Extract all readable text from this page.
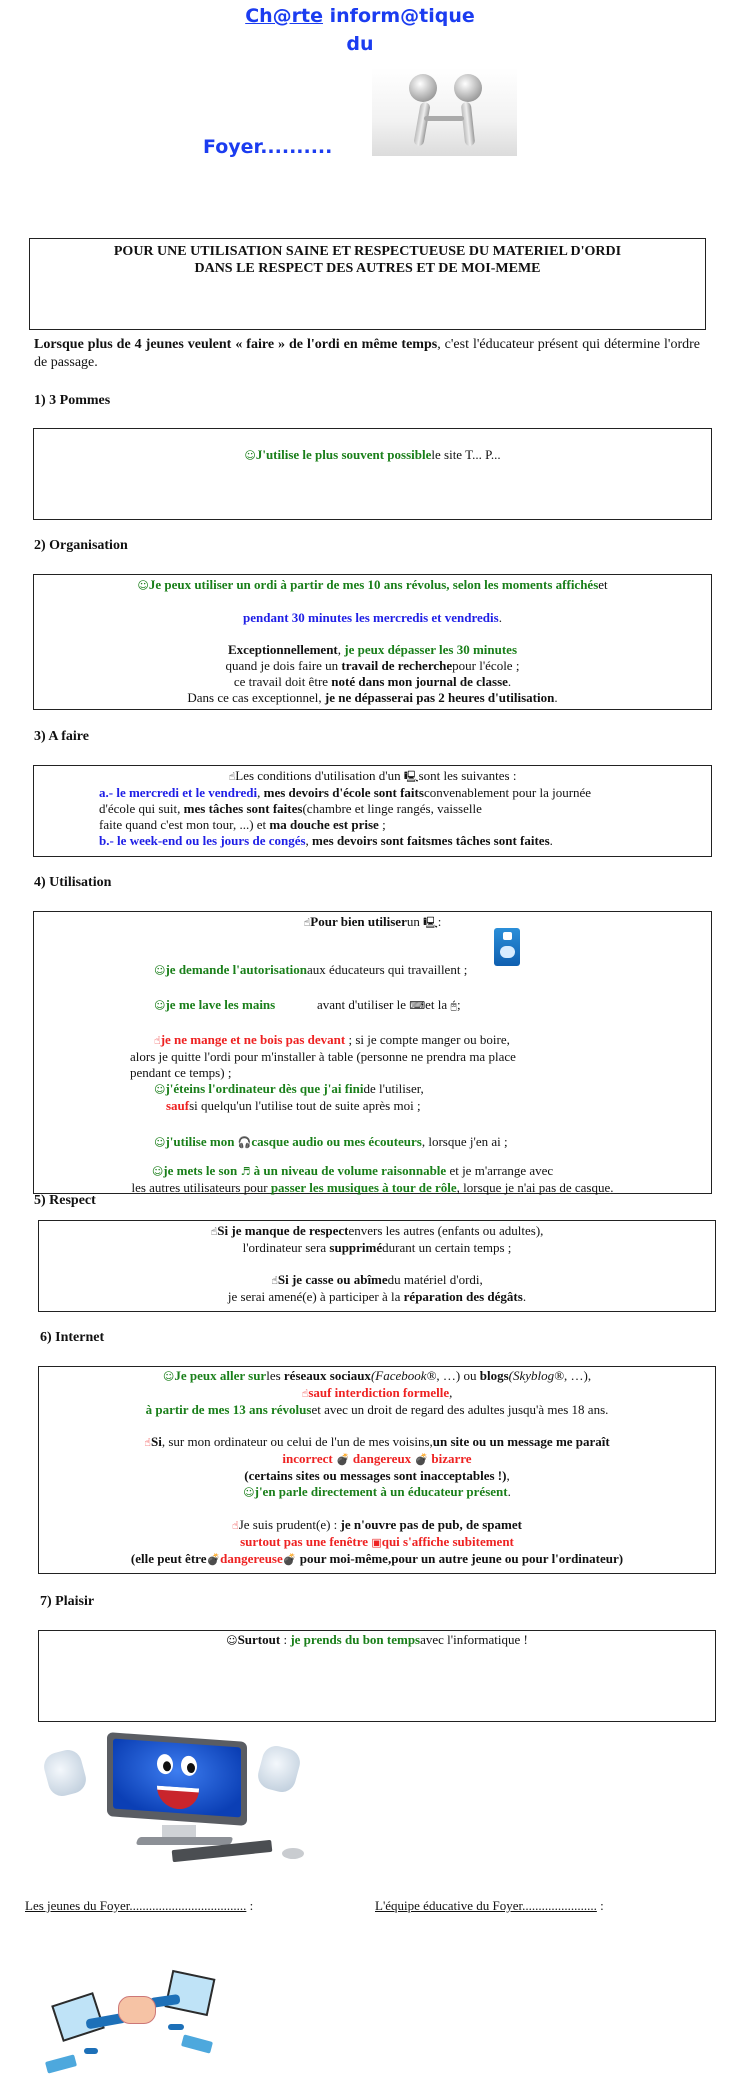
Ch@rte inform@tique
du
Foyer..........
POUR UNE UTILISATION SAINE ET RESPECTUEUSE DU MATERIEL D'ORDI
DANS LE RESPECT DES AUTRES ET DE MOI-MEME
Lorsque plus de 4 jeunes veulent « faire » de l'ordi en même temps, c'est l'éducateur présent qui détermine l'ordre de passage.
1) 3 Pommes
☺J'utilise le plus souvent possiblele site T... P...
2) Organisation
☺Je peux utiliser un ordi à partir de mes 10 ans révolus, selon les moments affichéset
pendant 30 minutes les mercredis et vendredis.
Exceptionnellement, je peux dépasser les 30 minutes
quand je dois faire un travail de recherchepour l'école ;
ce travail doit être noté dans mon journal de classe.
Dans ce cas exceptionnel, je ne dépasserai pas 2 heures d'utilisation.
3) A faire
☝Les conditions d'utilisation d'un 🖳sont les suivantes :
a.- le mercredi et le vendredi, mes devoirs d'école sont faitsconvenablement pour la journée
d'école qui suit, mes tâches sont faites(chambre et linge rangés, vaisselle
faite quand c'est mon tour, ...) et ma douche est prise ;
b.- le week-end ou les jours de congés, mes devoirs sont faitsmes tâches sont faites.
4) Utilisation
☝Pour bien utiliserun 🖳:
☺je demande l'autorisationaux éducateurs qui travaillent ;
☺je me lave les mains	avant d'utiliser le ⌨et la 🖰;
☝je ne mange et ne bois pas devant ; si je compte manger ou boire,
alors je quitte l'ordi pour m'installer à table (personne ne prendra ma place
pendant ce temps) ;
☺j'éteins l'ordinateur dès que j'ai finide l'utiliser,
saufsi quelqu'un l'utilise tout de suite après moi ;
☺j'utilise mon 🎧casque audio ou mes écouteurs, lorsque j'en ai ;
☺je mets le son ♬ à un niveau de volume raisonnable et je m'arrange avec
les autres utilisateurs pour passer les musiques à tour de rôle, lorsque je n'ai pas de casque.
5) Respect
☝Si je manque de respectenvers les autres (enfants ou adultes),
l'ordinateur sera supprimédurant un certain temps ;
☝Si je casse ou abîmedu matériel d'ordi,
je serai amené(e) à participer à la réparation des dégâts.
6) Internet
☺Je peux aller surles réseaux sociaux(Facebook®, …) ou blogs(Skyblog®, …),
☝sauf interdiction formelle,
à partir de mes 13 ans révoluset avec un droit de regard des adultes jusqu'à mes 18 ans.
☝Si, sur mon ordinateur ou celui de l'un de mes voisins,un site ou un message me paraît
incorrect 💣 dangereux 💣 bizarre
(certains sites ou messages sont inacceptables !),
☺j'en parle directement à un éducateur présent.
☝Je suis prudent(e) : je n'ouvre pas de pub, de spamet
surtout pas une fenêtre ▣qui s'affiche subitement
(elle peut être💣dangereuse💣 pour moi-même,pour un autre jeune ou pour l'ordinateur)
7) Plaisir
☺Surtout : je prends du bon tempsavec l'informatique !
Les jeunes du Foyer.................................... :	L'équipe éducative du Foyer....................... :
